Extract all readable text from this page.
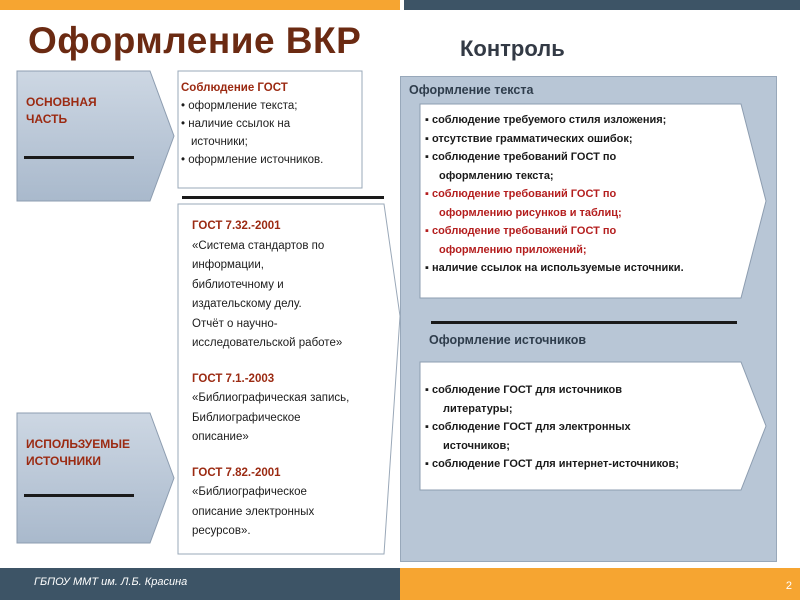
Оформление ВКР	Контроль
ОСНОВНАЯ
ЧАСТЬ
ИСПОЛЬЗУЕМЫЕ
ИСТОЧНИКИ
Соблюдение ГОСТ
• оформление текста;
• наличие ссылок на
источники;
• оформление источников.
ГОСТ 7.32.-2001
«Система стандартов по
информации,
библиотечному и
издательскому делу.
Отчёт о научно-
исследовательской работе»
ГОСТ 7.1.-2003
«Библиографическая запись,
Библиографическое
описание»
ГОСТ 7.82.-2001
«Библиографическое
описание электронных
ресурсов».
Оформление текста
▪ соблюдение требуемого стиля изложения;
▪ отсутствие грамматических ошибок;
▪ соблюдение требований ГОСТ по
оформлению текста;
▪ соблюдение требований ГОСТ по
оформлению рисунков и таблиц;
▪ соблюдение требований ГОСТ по
оформлению приложений;
▪ наличие ссылок на используемые источники.
Оформление источников
▪ соблюдение ГОСТ для источников
литературы;
▪ соблюдение ГОСТ для электронных
источников;
▪ соблюдение ГОСТ для интернет-источников;
ГБПОУ ММТ им. Л.Б. Красина	2
